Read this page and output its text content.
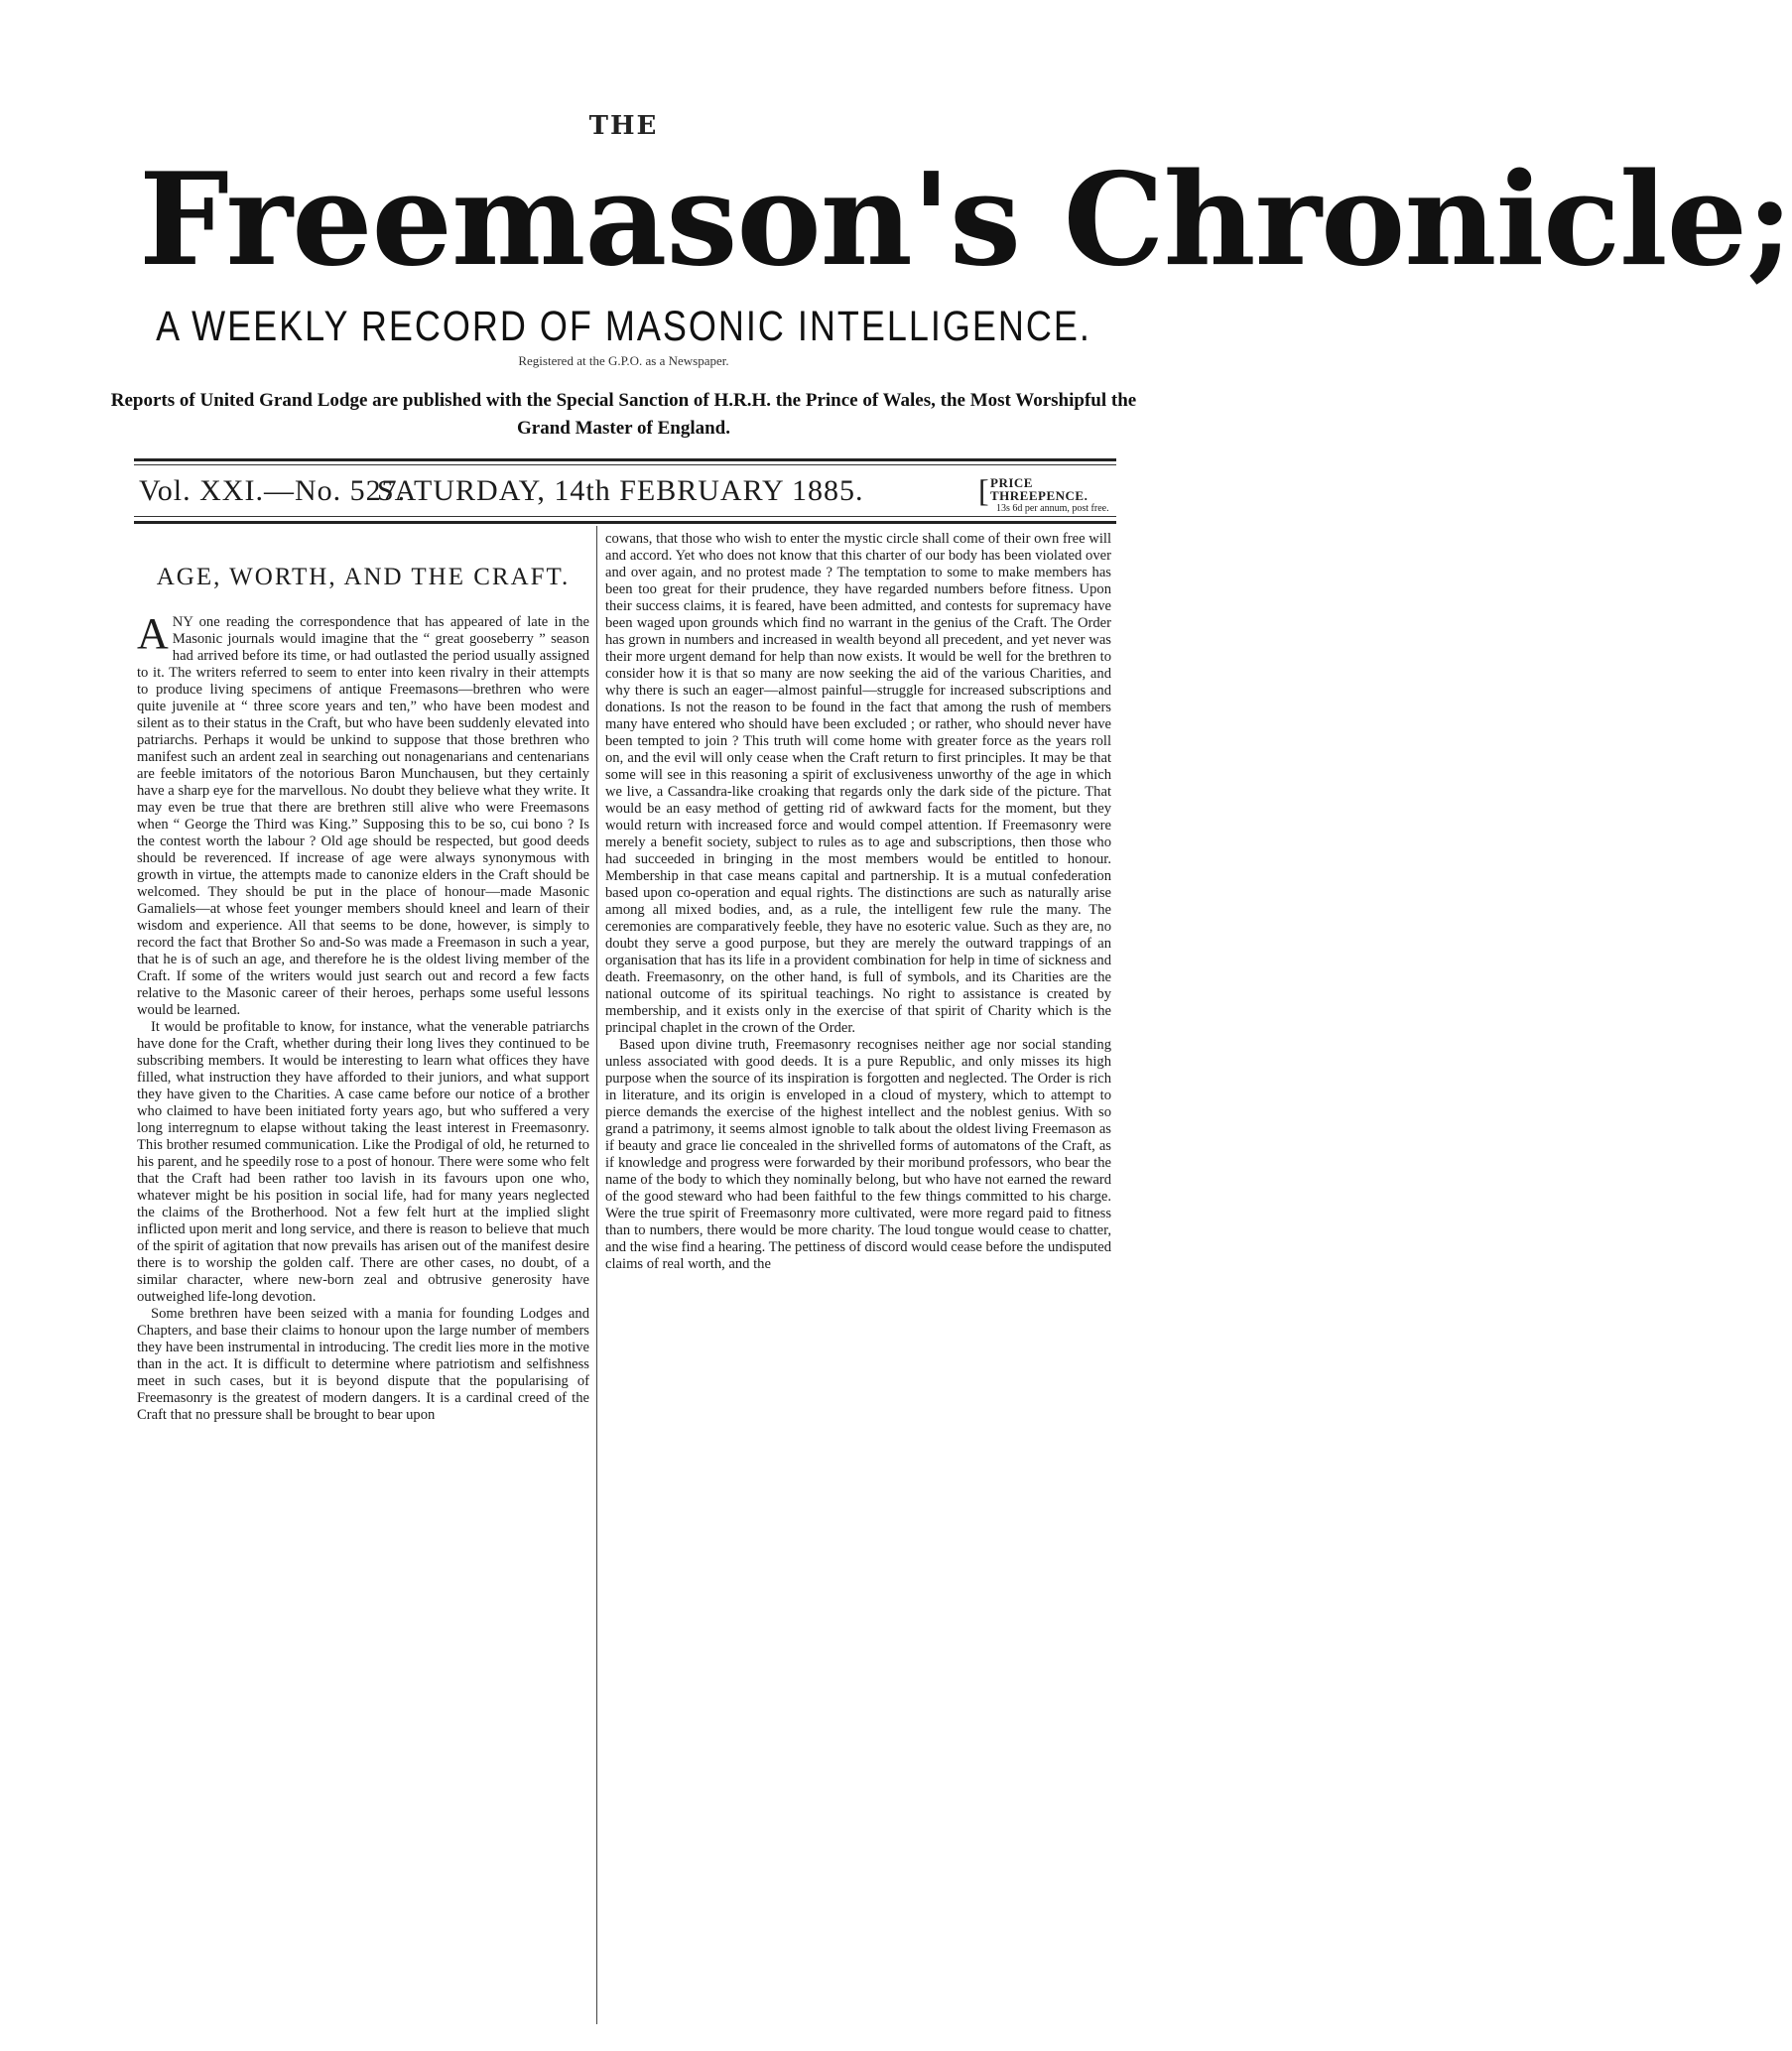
THE
Freemason's Chronicle;
A WEEKLY RECORD OF MASONIC INTELLIGENCE.
Registered at the G.P.O. as a Newspaper.
Reports of United Grand Lodge are published with the Special Sanction of H.R.H. the Prince of Wales, the Most Worshipful the Grand Master of England.
Vol. XXI.—No. 527.
SATURDAY, 14th FEBRUARY 1885.	[ PRICE THREEPENCE.
13s 6d per annum, post free.
AGE, WORTH, AND THE CRAFT.

ANY one reading the correspondence that has appeared of late in the Masonic journals would imagine that the “ great gooseberry ” season had arrived before its time, or had outlasted the period usually assigned to it. The writers referred to seem to enter into keen rivalry in their attempts to produce living specimens of antique Freemasons—brethren who were quite juvenile at “ three score years and ten,” who have been modest and silent as to their status in the Craft, but who have been suddenly elevated into patriarchs. Perhaps it would be unkind to suppose that those brethren who manifest such an ardent zeal in searching out nonagenarians and centenarians are feeble imitators of the notorious Baron Munchausen, but they certainly have a sharp eye for the marvellous. No doubt they believe what they write. It may even be true that there are brethren still alive who were Freemasons when “ George the Third was King.” Supposing this to be so, cui bono ? Is the contest worth the labour ? Old age should be respected, but good deeds should be reverenced. If increase of age were always synonymous with growth in virtue, the attempts made to canonize elders in the Craft should be welcomed. They should be put in the place of honour—made Masonic Gamaliels—at whose feet younger members should kneel and learn of their wisdom and experience. All that seems to be done, however, is simply to record the fact that Brother So and-So was made a Freemason in such a year, that he is of such an age, and therefore he is the oldest living member of the Craft. If some of the writers would just search out and record a few facts relative to the Masonic career of their heroes, perhaps some useful lessons would be learned.

It would be profitable to know, for instance, what the venerable patriarchs have done for the Craft, whether during their long lives they continued to be subscribing members. It would be interesting to learn what offices they have filled, what instruction they have afforded to their juniors, and what support they have given to the Charities. A case came before our notice of a brother who claimed to have been initiated forty years ago, but who suffered a very long interregnum to elapse without taking the least interest in Freemasonry. This brother resumed communication. Like the Prodigal of old, he returned to his parent, and he speedily rose to a post of honour. There were some who felt that the Craft had been rather too lavish in its favours upon one who, whatever might be his position in social life, had for many years neglected the claims of the Brotherhood. Not a few felt hurt at the implied slight inflicted upon merit and long service, and there is reason to believe that much of the spirit of agitation that now prevails has arisen out of the manifest desire there is to worship the golden calf. There are other cases, no doubt, of a similar character, where new-born zeal and obtrusive generosity have outweighed life-long devotion.

Some brethren have been seized with a mania for founding Lodges and Chapters, and base their claims to honour upon the large number of members they have been instrumental in introducing. The credit lies more in the motive than in the act. It is difficult to determine where patriotism and selfishness meet in such cases, but it is beyond dispute that the popularising of Freemasonry is the greatest of modern dangers. It is a cardinal creed of the Craft that no pressure shall be brought to bear upon

cowans, that those who wish to enter the mystic circle shall come of their own free will and accord. Yet who does not know that this charter of our body has been violated over and over again, and no protest made ? The temptation to some to make members has been too great for their prudence, they have regarded numbers before fitness. Upon their success claims, it is feared, have been admitted, and contests for supremacy have been waged upon grounds which find no warrant in the genius of the Craft. The Order has grown in numbers and increased in wealth beyond all precedent, and yet never was their more urgent demand for help than now exists. It would be well for the brethren to consider how it is that so many are now seeking the aid of the various Charities, and why there is such an eager—almost painful—struggle for increased subscriptions and donations. Is not the reason to be found in the fact that among the rush of members many have entered who should have been excluded ; or rather, who should never have been tempted to join ? This truth will come home with greater force as the years roll on, and the evil will only cease when the Craft return to first principles. It may be that some will see in this reasoning a spirit of exclusiveness unworthy of the age in which we live, a Cassandra-like croaking that regards only the dark side of the picture. That would be an easy method of getting rid of awkward facts for the moment, but they would return with increased force and would compel attention. If Freemasonry were merely a benefit society, subject to rules as to age and subscriptions, then those who had succeeded in bringing in the most members would be entitled to honour. Membership in that case means capital and partnership. It is a mutual confederation based upon co-operation and equal rights. The distinctions are such as naturally arise among all mixed bodies, and, as a rule, the intelligent few rule the many. The ceremonies are comparatively feeble, they have no esoteric value. Such as they are, no doubt they serve a good purpose, but they are merely the outward trappings of an organisation that has its life in a provident combination for help in time of sickness and death. Freemasonry, on the other hand, is full of symbols, and its Charities are the national outcome of its spiritual teachings. No right to assistance is created by membership, and it exists only in the exercise of that spirit of Charity which is the principal chaplet in the crown of the Order.

Based upon divine truth, Freemasonry recognises neither age nor social standing unless associated with good deeds. It is a pure Republic, and only misses its high purpose when the source of its inspiration is forgotten and neglected. The Order is rich in literature, and its origin is enveloped in a cloud of mystery, which to attempt to pierce demands the exercise of the highest intellect and the noblest genius. With so grand a patrimony, it seems almost ignoble to talk about the oldest living Freemason as if beauty and grace lie concealed in the shrivelled forms of automatons of the Craft, as if knowledge and progress were forwarded by their moribund professors, who bear the name of the body to which they nominally belong, but who have not earned the reward of the good steward who had been faithful to the few things committed to his charge. Were the true spirit of Freemasonry more cultivated, were more regard paid to fitness than to numbers, there would be more charity. The loud tongue would cease to chatter, and the wise find a hearing. The pettiness of discord would cease before the undisputed claims of real worth, and the
